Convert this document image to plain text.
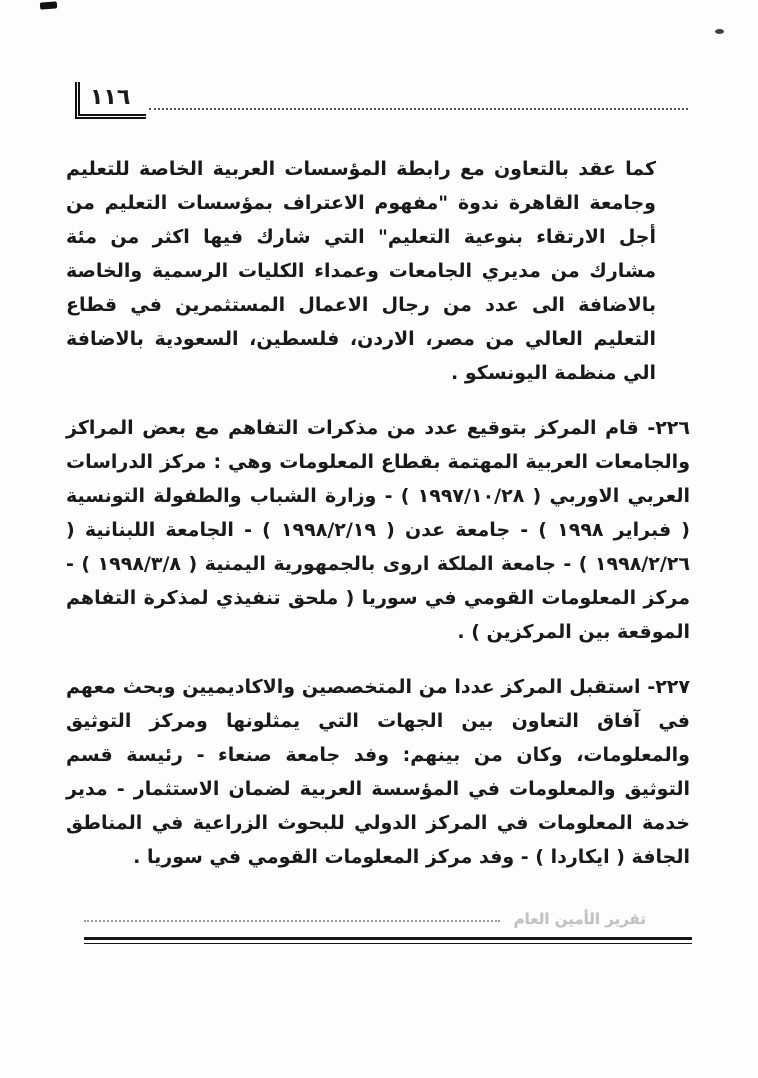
١١٦
كما عقد بالتعاون مع رابطة المؤسسات العربية الخاصة للتعليم وجامعة القاهرة ندوة "مفهوم الاعتراف بمؤسسات التعليم من أجل الارتقاء بنوعية التعليم" التي شارك فيها اكثر من مئة مشارك من مديري الجامعات وعمداء الكليات الرسمية والخاصة بالاضافة الى عدد من رجال الاعمال المستثمرين في قطاع التعليم العالي من مصر، الاردن، فلسطين، السعودية بالاضافة الي منظمة اليونسكو .
٢٢٦- قام المركز بتوقيع عدد من مذكرات التفاهم مع بعض المراكز والجامعات العربية المهتمة بقطاع المعلومات وهي : مركز الدراسات العربي الاوربي ( ١٩٩٧/١٠/٢٨ ) - وزارة الشباب والطفولة التونسية ( فبراير ١٩٩٨ ) - جامعة عدن ( ١٩٩٨/٢/١٩ ) - الجامعة اللبنانية ( ١٩٩٨/٢/٢٦ ) - جامعة الملكة اروى بالجمهورية اليمنية ( ١٩٩٨/٣/٨ ) - مركز المعلومات القومي في سوريا ( ملحق تنفيذي لمذكرة التفاهم الموقعة بين المركزين ) .
٢٢٧- استقبل المركز عددا من المتخصصين والاكاديميين وبحث معهم في آفاق التعاون بين الجهات التي يمثلونها ومركز التوثيق والمعلومات، وكان من بينهم: وفد جامعة صنعاء - رئيسة قسم التوثيق والمعلومات في المؤسسة العربية لضمان الاستثمار - مدير خدمة المعلومات في المركز الدولي للبحوث الزراعية في المناطق الجافة ( ايكاردا ) - وفد مركز المعلومات القومي في سوريا .
تقرير الأمين العام
